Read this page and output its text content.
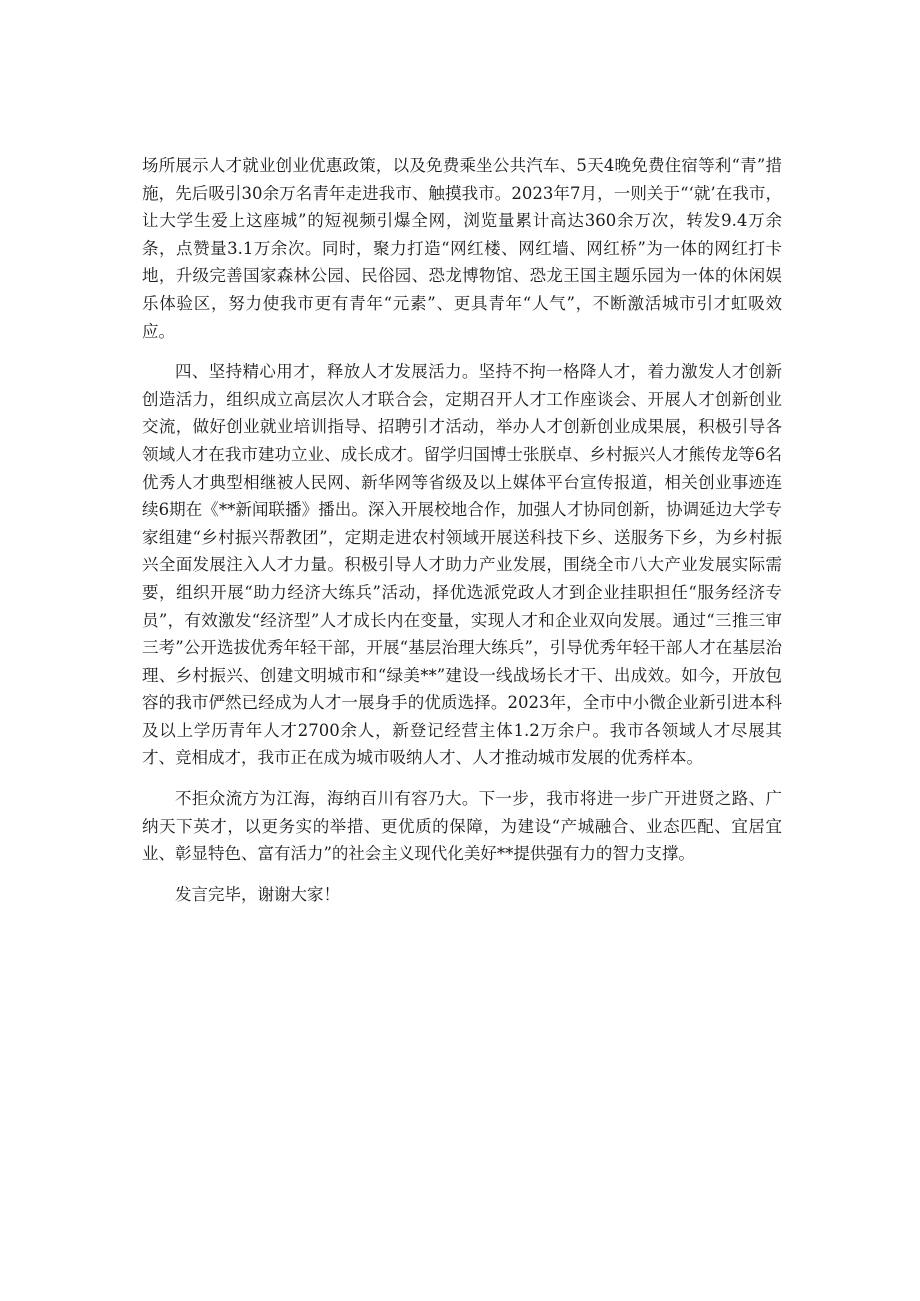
场所展示人才就业创业优惠政策，以及免费乘坐公共汽车、5天4晚免费住宿等利“青”措施，先后吸引30余万名青年走进我市、触摸我市。2023年7月，一则关于“‘就’在我市，让大学生爱上这座城”的短视频引爆全网，浏览量累计高达360余万次，转发9.4万余条，点赞量3.1万余次。同时，聚力打造“网红楼、网红墙、网红桥”为一体的网红打卡地，升级完善国家森林公园、民俗园、恐龙博物馆、恐龙王国主题乐园为一体的休闲娱乐体验区，努力使我市更有青年“元素”、更具青年“人气”，不断激活城市引才虹吸效应。

四、坚持精心用才，释放人才发展活力。坚持不拘一格降人才，着力激发人才创新创造活力，组织成立高层次人才联合会，定期召开人才工作座谈会、开展人才创新创业交流，做好创业就业培训指导、招聘引才活动，举办人才创新创业成果展，积极引导各领域人才在我市建功立业、成长成才。留学归国博士张朕卓、乡村振兴人才熊传龙等6名优秀人才典型相继被人民网、新华网等省级及以上媒体平台宣传报道，相关创业事迹连续6期在《**新闻联播》播出。深入开展校地合作，加强人才协同创新，协调延边大学专家组建“乡村振兴帮教团”，定期走进农村领域开展送科技下乡、送服务下乡，为乡村振兴全面发展注入人才力量。积极引导人才助力产业发展，围绕全市八大产业发展实际需要，组织开展“助力经济大练兵”活动，择优选派党政人才到企业挂职担任“服务经济专员”，有效激发“经济型”人才成长内在变量，实现人才和企业双向发展。通过“三推三审三考”公开选拔优秀年轻干部，开展“基层治理大练兵”，引导优秀年轻干部人才在基层治理、乡村振兴、创建文明城市和“绿美**”建设一线战场长才干、出成效。如今，开放包容的我市俨然已经成为人才一展身手的优质选择。2023年，全市中小微企业新引进本科及以上学历青年人才2700余人，新登记经营主体1.2万余户。我市各领域人才尽展其才、竞相成才，我市正在成为城市吸纳人才、人才推动城市发展的优秀样本。

不拒众流方为江海，海纳百川有容乃大。下一步，我市将进一步广开进贤之路、广纳天下英才，以更务实的举措、更优质的保障，为建设“产城融合、业态匹配、宜居宜业、彰显特色、富有活力”的社会主义现代化美好**提供强有力的智力支撑。

发言完毕，谢谢大家！
